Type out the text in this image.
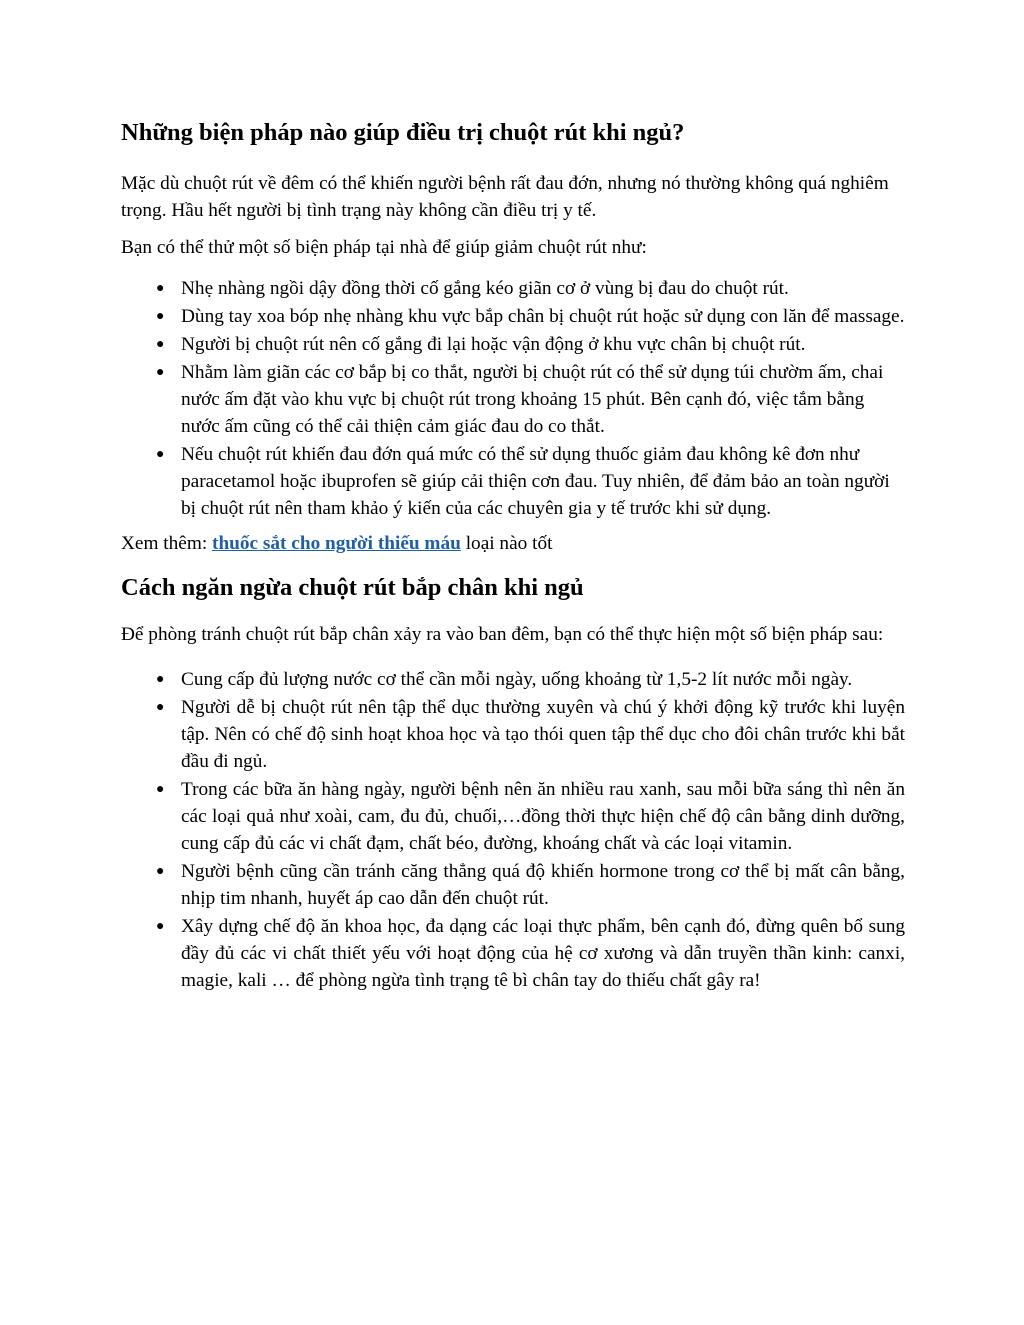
Những biện pháp nào giúp điều trị chuột rút khi ngủ?

Mặc dù chuột rút về đêm có thể khiến người bệnh rất đau đớn, nhưng nó thường không quá nghiêm trọng. Hầu hết người bị tình trạng này không cần điều trị y tế.

Bạn có thể thử một số biện pháp tại nhà để giúp giảm chuột rút như:

● Nhẹ nhàng ngồi dậy đồng thời cố gắng kéo giãn cơ ở vùng bị đau do chuột rút.
● Dùng tay xoa bóp nhẹ nhàng khu vực bắp chân bị chuột rút hoặc sử dụng con lăn để massage.
● Người bị chuột rút nên cố gắng đi lại hoặc vận động ở khu vực chân bị chuột rút.
● Nhằm làm giãn các cơ bắp bị co thắt, người bị chuột rút có thể sử dụng túi chườm ấm, chai nước ấm đặt vào khu vực bị chuột rút trong khoảng 15 phút. Bên cạnh đó, việc tắm bằng nước ấm cũng có thể cải thiện cảm giác đau do co thắt.
● Nếu chuột rút khiến đau đớn quá mức có thể sử dụng thuốc giảm đau không kê đơn như paracetamol hoặc ibuprofen sẽ giúp cải thiện cơn đau. Tuy nhiên, để đảm bảo an toàn người bị chuột rút nên tham khảo ý kiến của các chuyên gia y tế trước khi sử dụng.

Xem thêm: thuốc sắt cho người thiếu máu loại nào tốt

Cách ngăn ngừa chuột rút bắp chân khi ngủ

Để phòng tránh chuột rút bắp chân xảy ra vào ban đêm, bạn có thể thực hiện một số biện pháp sau:

● Cung cấp đủ lượng nước cơ thể cần mỗi ngày, uống khoảng từ 1,5-2 lít nước mỗi ngày.
● Người dễ bị chuột rút nên tập thể dục thường xuyên và chú ý khởi động kỹ trước khi luyện tập. Nên có chế độ sinh hoạt khoa học và tạo thói quen tập thể dục cho đôi chân trước khi bắt đầu đi ngủ.
● Trong các bữa ăn hàng ngày, người bệnh nên ăn nhiều rau xanh, sau mỗi bữa sáng thì nên ăn các loại quả như xoài, cam, đu đủ, chuối,…đồng thời thực hiện chế độ cân bằng dinh dưỡng, cung cấp đủ các vi chất đạm, chất béo, đường, khoáng chất và các loại vitamin.
● Người bệnh cũng cần tránh căng thẳng quá độ khiến hormone trong cơ thể bị mất cân bằng, nhịp tim nhanh, huyết áp cao dẫn đến chuột rút.
● Xây dựng chế độ ăn khoa học, đa dạng các loại thực phẩm, bên cạnh đó, đừng quên bổ sung đầy đủ các vi chất thiết yếu với hoạt động của hệ cơ xương và dẫn truyền thần kinh: canxi, magie, kali … để phòng ngừa tình trạng tê bì chân tay do thiếu chất gây ra!
